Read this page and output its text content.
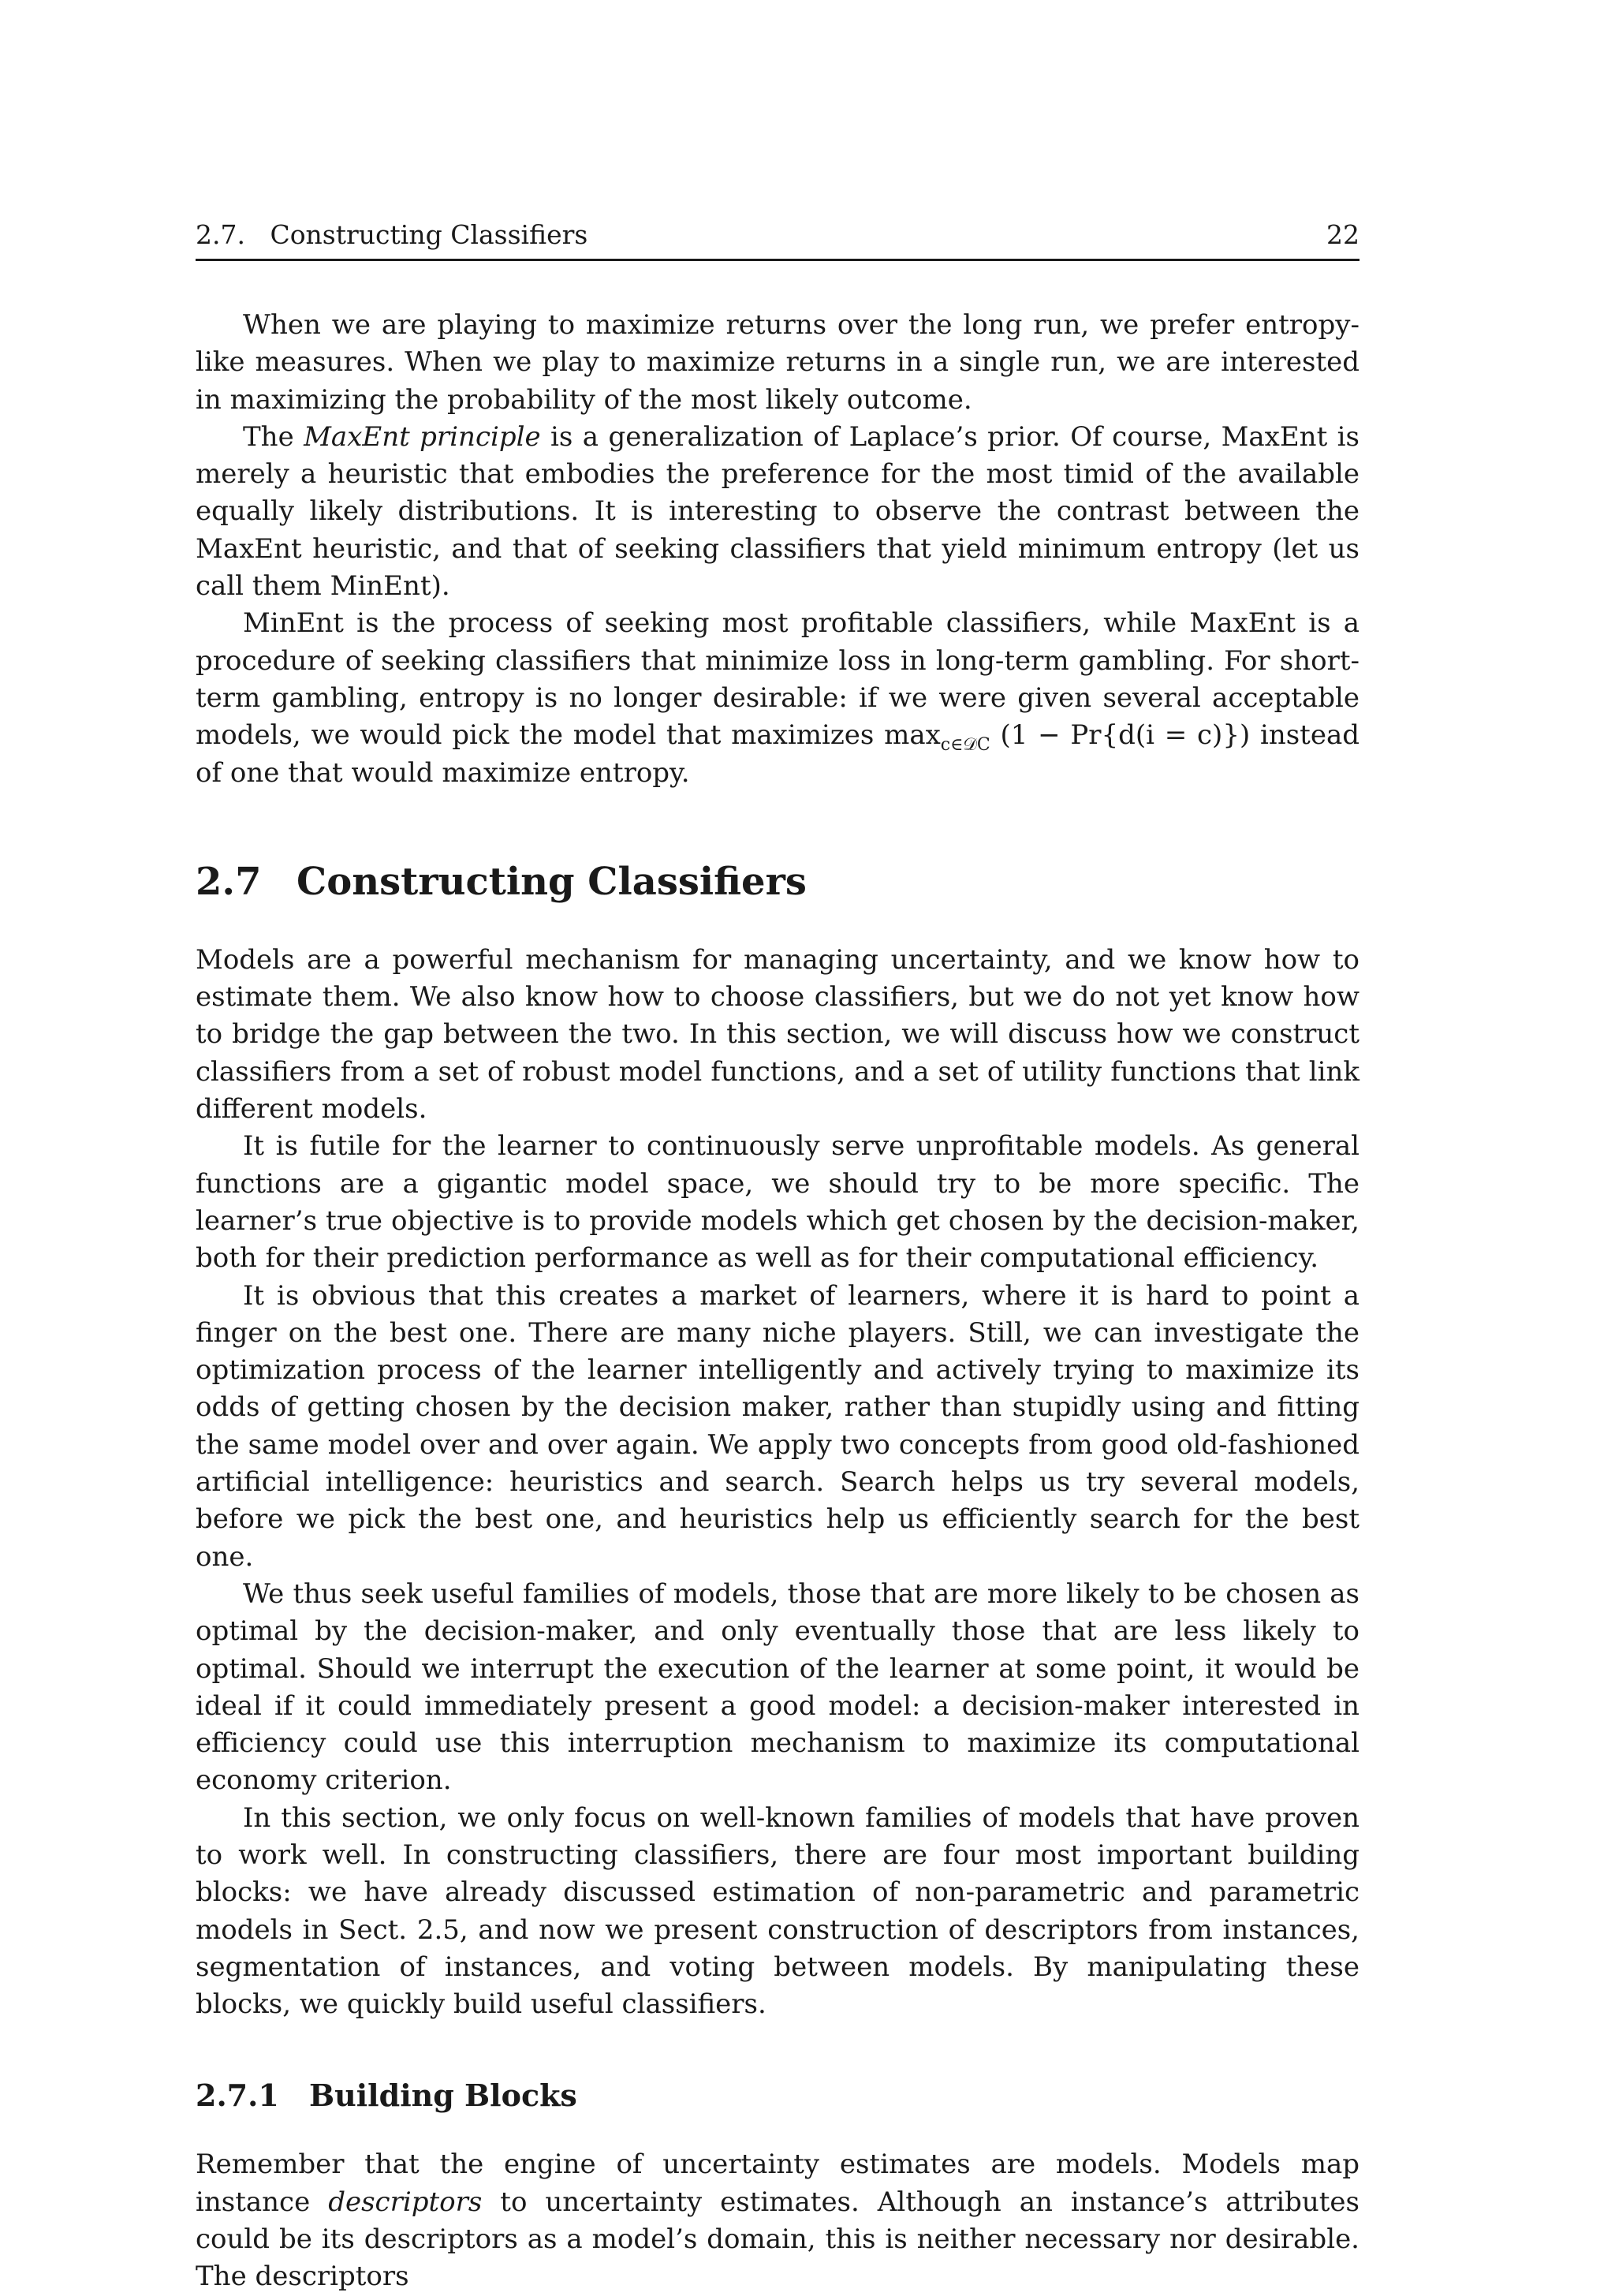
2.7.   Constructing Classifiers	22

When we are playing to maximize returns over the long run, we prefer entropy-like measures. When we play to maximize returns in a single run, we are interested in maximizing the probability of the most likely outcome.

The MaxEnt principle is a generalization of Laplace’s prior. Of course, MaxEnt is merely a heuristic that embodies the preference for the most timid of the available equally likely distributions. It is interesting to observe the contrast between the MaxEnt heuristic, and that of seeking classifiers that yield minimum entropy (let us call them MinEnt).

MinEnt is the process of seeking most profitable classifiers, while MaxEnt is a procedure of seeking classifiers that minimize loss in long-term gambling. For short-term gambling, entropy is no longer desirable: if we were given several acceptable models, we would pick the model that maximizes $\max_{c\in 𝒟C} (1 - Pr\{d(i = c)\})$ instead of one that would maximize entropy.

2.7 Constructing Classifiers

Models are a powerful mechanism for managing uncertainty, and we know how to estimate them. We also know how to choose classifiers, but we do not yet know how to bridge the gap between the two. In this section, we will discuss how we construct classifiers from a set of robust model functions, and a set of utility functions that link different models.

It is futile for the learner to continuously serve unprofitable models. As general functions are a gigantic model space, we should try to be more specific. The learner’s true objective is to provide models which get chosen by the decision-maker, both for their prediction performance as well as for their computational efficiency.

It is obvious that this creates a market of learners, where it is hard to point a finger on the best one. There are many niche players. Still, we can investigate the optimization process of the learner intelligently and actively trying to maximize its odds of getting chosen by the decision maker, rather than stupidly using and fitting the same model over and over again. We apply two concepts from good old-fashioned artificial intelligence: heuristics and search. Search helps us try several models, before we pick the best one, and heuristics help us efficiently search for the best one.

We thus seek useful families of models, those that are more likely to be chosen as optimal by the decision-maker, and only eventually those that are less likely to optimal. Should we interrupt the execution of the learner at some point, it would be ideal if it could immediately present a good model: a decision-maker interested in efficiency could use this interruption mechanism to maximize its computational economy criterion.

In this section, we only focus on well-known families of models that have proven to work well. In constructing classifiers, there are four most important building blocks: we have already discussed estimation of non-parametric and parametric models in Sect. 2.5, and now we present construction of descriptors from instances, segmentation of instances, and voting between models. By manipulating these blocks, we quickly build useful classifiers.

2.7.1 Building Blocks

Remember that the engine of uncertainty estimates are models. Models map instance descriptors to uncertainty estimates. Although an instance’s attributes could be its descriptors as a model’s domain, this is neither necessary nor desirable. The descriptors
